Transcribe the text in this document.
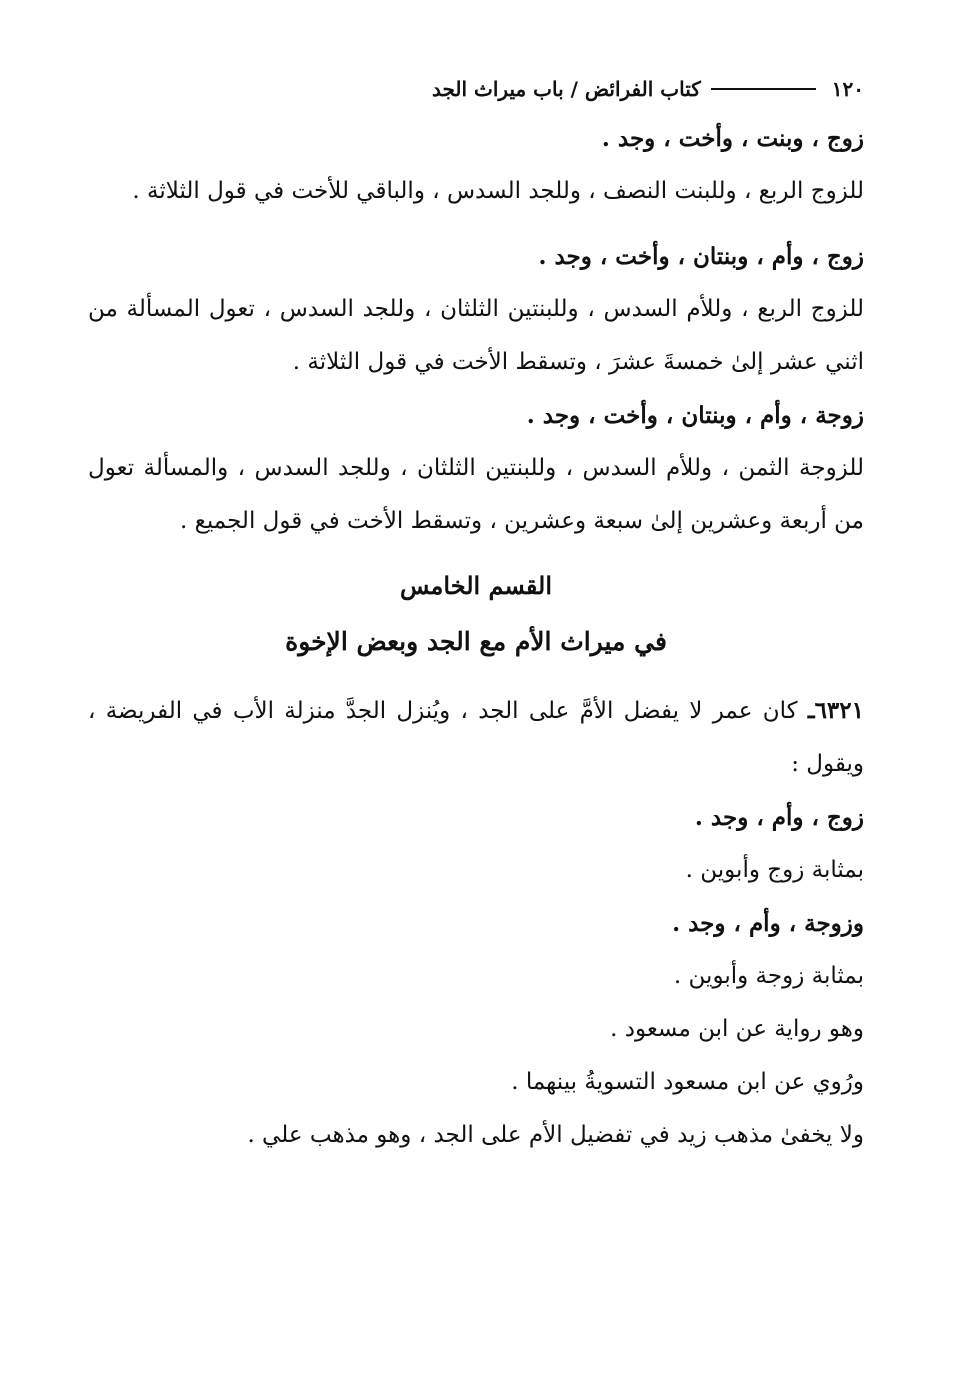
١٢٠
كتاب الفرائض / باب ميراث الجد

زوج ، وبنت ، وأخت ، وجد .

للزوج الربع ، وللبنت النصف ، وللجد السدس ، والباقي للأخت في قول الثلاثة .

زوج ، وأم ، وبنتان ، وأخت ، وجد .

للزوج الربع ، وللأم السدس ، وللبنتين الثلثان ، وللجد السدس ، تعول المسألة من اثني عشر إلىٰ خمسةَ عشرَ ، وتسقط الأخت في قول الثلاثة .

زوجة ، وأم ، وبنتان ، وأخت ، وجد .

للزوجة الثمن ، وللأم السدس ، وللبنتين الثلثان ، وللجد السدس ، والمسألة تعول من أربعة وعشرين إلىٰ سبعة وعشرين ، وتسقط الأخت في قول الجميع .

القسم الخامس

في ميراث الأم مع الجد وبعض الإخوة

٦٣٢١ـ كان عمر لا يفضل الأمَّ على الجد ، ويُنزل الجدَّ منزلة الأب في الفريضة ، ويقول :

زوج ، وأم ، وجد .

بمثابة زوج وأبوين .

وزوجة ، وأم ، وجد .

بمثابة زوجة وأبوين .

وهو رواية عن ابن مسعود .

ورُوي عن ابن مسعود التسويةُ بينهما .

ولا يخفىٰ مذهب زيد في تفضيل الأم على الجد ، وهو مذهب علي .
